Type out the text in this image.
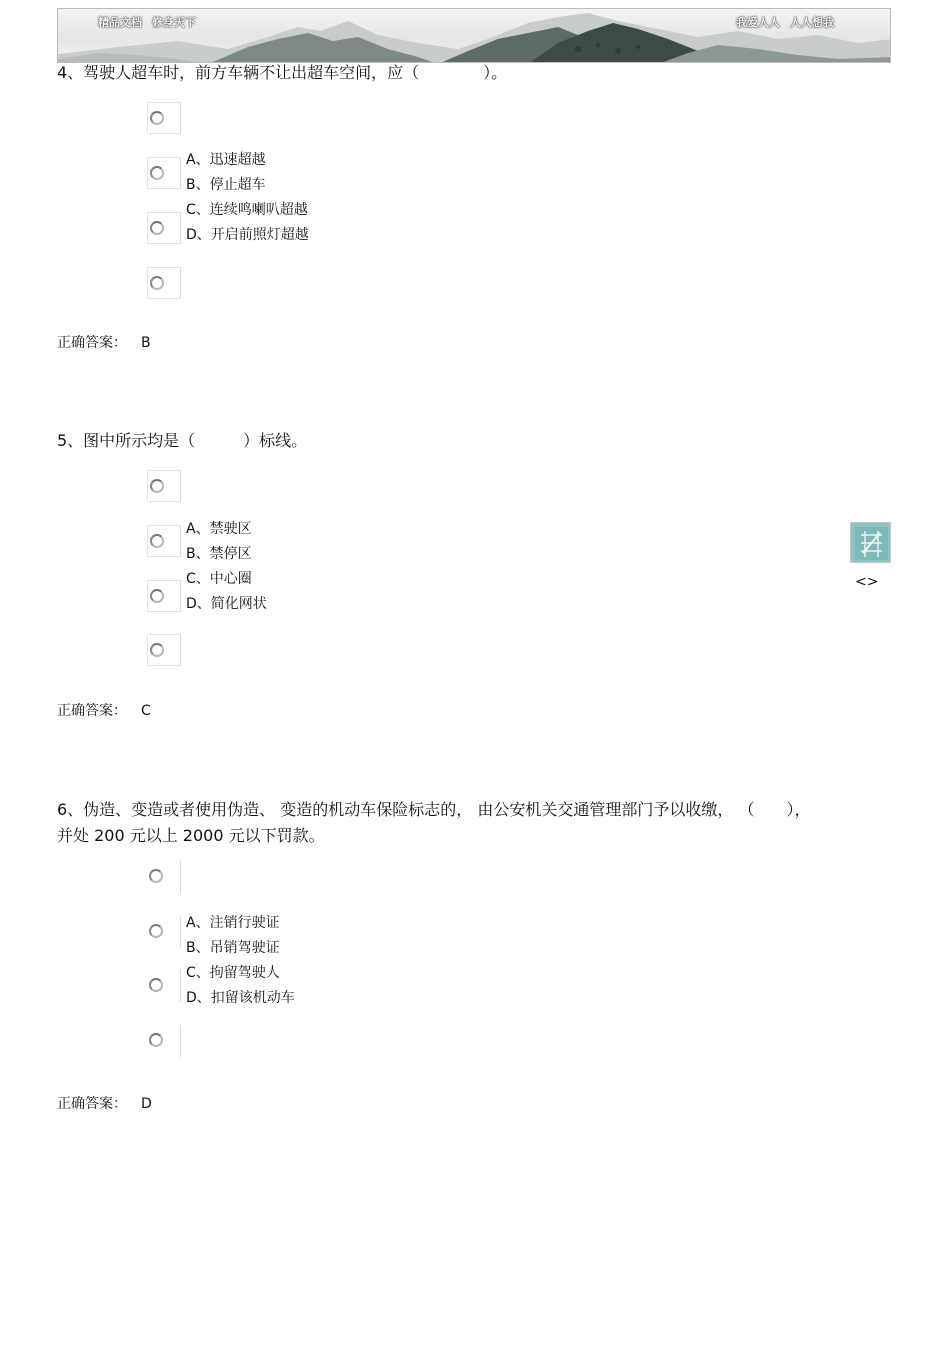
精品文档 修身天下	我爱人人 人人想我
4、驾驶人超车时，前方车辆不让出超车空间，应（　　　　）。
A、迅速超越
B、停止超车
C、连续鸣喇叭超越
D、开启前照灯超越
正确答案： B
5、图中所示均是（　　　）标线。
A、禁驶区
B、禁停区
C、中心圈
D、简化网状
正确答案： C
6、伪造、变造或者使用伪造、 变造的机动车保险标志的， 由公安机关交通管理部门予以收缴， （　　），
并处 200 元以上 2000 元以下罚款。
A、注销行驶证
B、吊销驾驶证
C、拘留驾驶人
D、扣留该机动车
正确答案： D
<>
